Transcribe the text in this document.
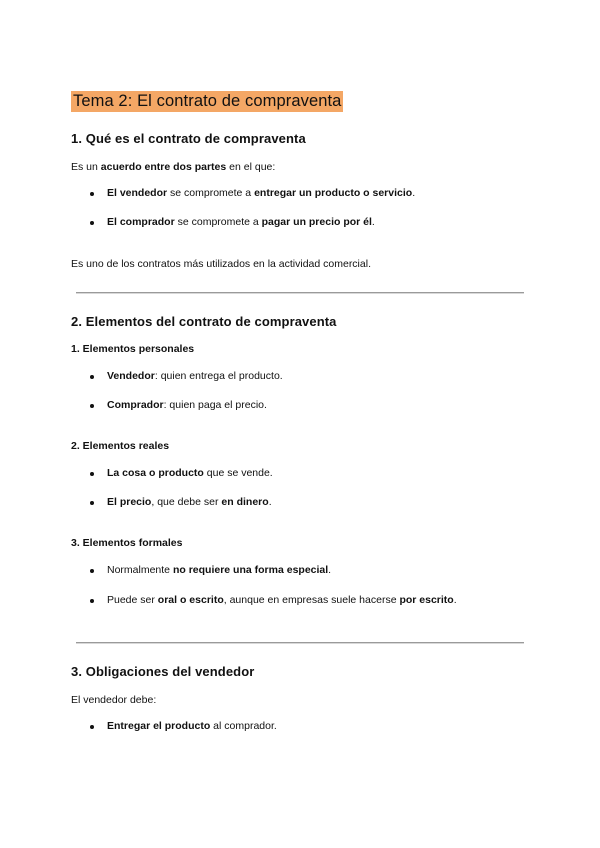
Tema 2: El contrato de compraventa
1. Qué es el contrato de compraventa
Es un acuerdo entre dos partes en el que:
El vendedor se compromete a entregar un producto o servicio.
El comprador se compromete a pagar un precio por él.
Es uno de los contratos más utilizados en la actividad comercial.
2. Elementos del contrato de compraventa
1. Elementos personales
Vendedor: quien entrega el producto.
Comprador: quien paga el precio.
2. Elementos reales
La cosa o producto que se vende.
El precio, que debe ser en dinero.
3. Elementos formales
Normalmente no requiere una forma especial.
Puede ser oral o escrito, aunque en empresas suele hacerse por escrito.
3. Obligaciones del vendedor
El vendedor debe:
Entregar el producto al comprador.
